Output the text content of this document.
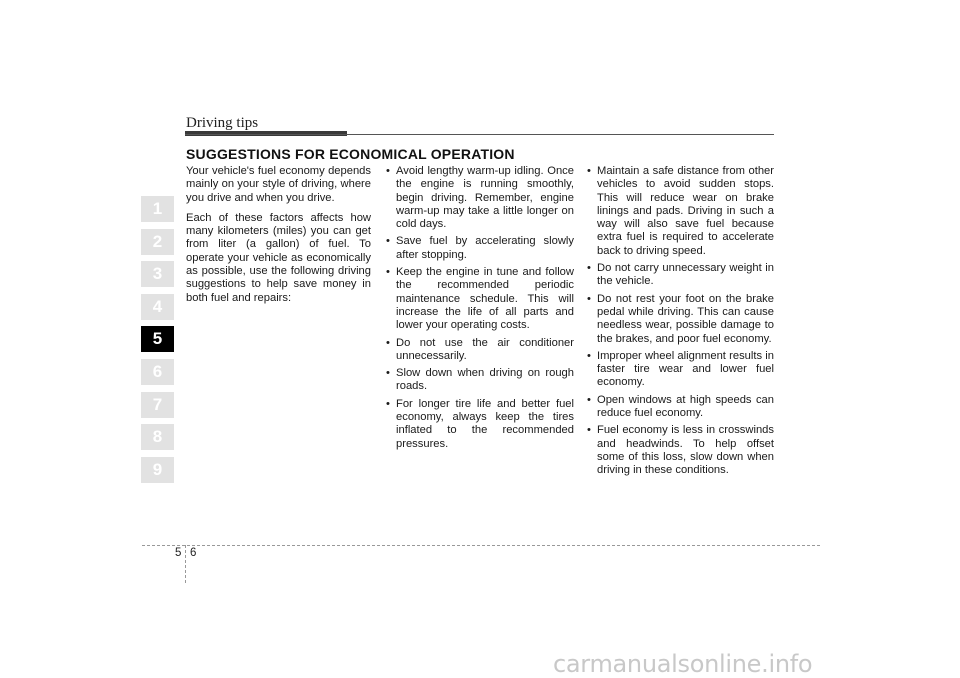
Driving tips
SUGGESTIONS FOR ECONOMICAL OPERATION
1
2
3
4
5
6
7
8
9

Your vehicle's fuel economy depends mainly on your style of driving, where you drive and when you drive.

Each of these factors affects how many kilometers (miles) you can get from liter (a gallon) of fuel. To operate your vehicle as economically as possible, use the following driving suggestions to help save money in both fuel and repairs:

• Avoid lengthy warm-up idling. Once the engine is running smoothly, begin driving. Remember, engine warm-up may take a little longer on cold days.
• Save fuel by accelerating slowly after stopping.
• Keep the engine in tune and follow the recommended periodic maintenance schedule. This will increase the life of all parts and lower your operating costs.
• Do not use the air conditioner unnecessarily.
• Slow down when driving on rough roads.
• For longer tire life and better fuel economy, always keep the tires inflated to the recommended pressures.
• Maintain a safe distance from other vehicles to avoid sudden stops. This will reduce wear on brake linings and pads. Driving in such a way will also save fuel because extra fuel is required to accelerate back to driving speed.
• Do not carry unnecessary weight in the vehicle.
• Do not rest your foot on the brake pedal while driving. This can cause needless wear, possible damage to the brakes, and poor fuel economy.
• Improper wheel alignment results in faster tire wear and lower fuel economy.
• Open windows at high speeds can reduce fuel economy.
• Fuel economy is less in crosswinds and headwinds. To help offset some of this loss, slow down when driving in these conditions.
5 6
carmanualsonline.info
